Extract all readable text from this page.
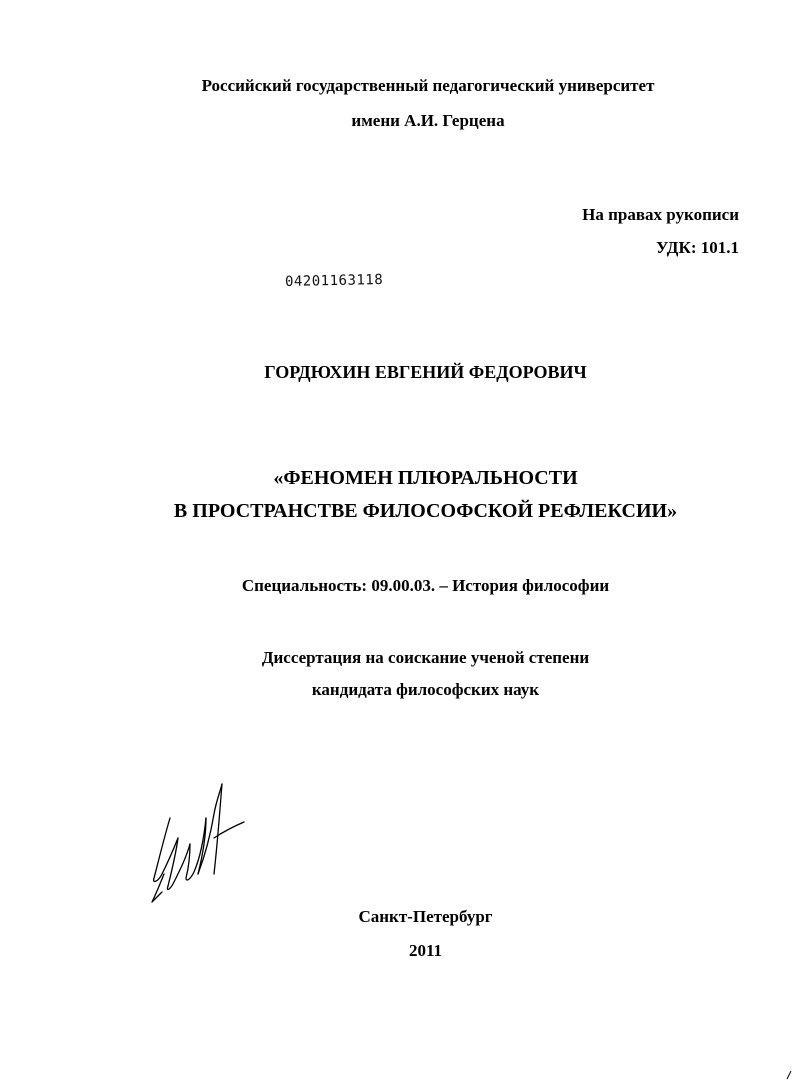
Российский государственный педагогический университет
имени А.И. Герцена
На правах рукописи
УДК: 101.1
04201163118
ГОРДЮХИН ЕВГЕНИЙ ФЕДОРОВИЧ
«ФЕНОМЕН ПЛЮРАЛЬНОСТИ
В ПРОСТРАНСТВЕ ФИЛОСОФСКОЙ РЕФЛЕКСИИ»
Специальность: 09.00.03. – История философии
Диссертация на соискание ученой степени
кандидата философских наук
Санкт-Петербург
2011
